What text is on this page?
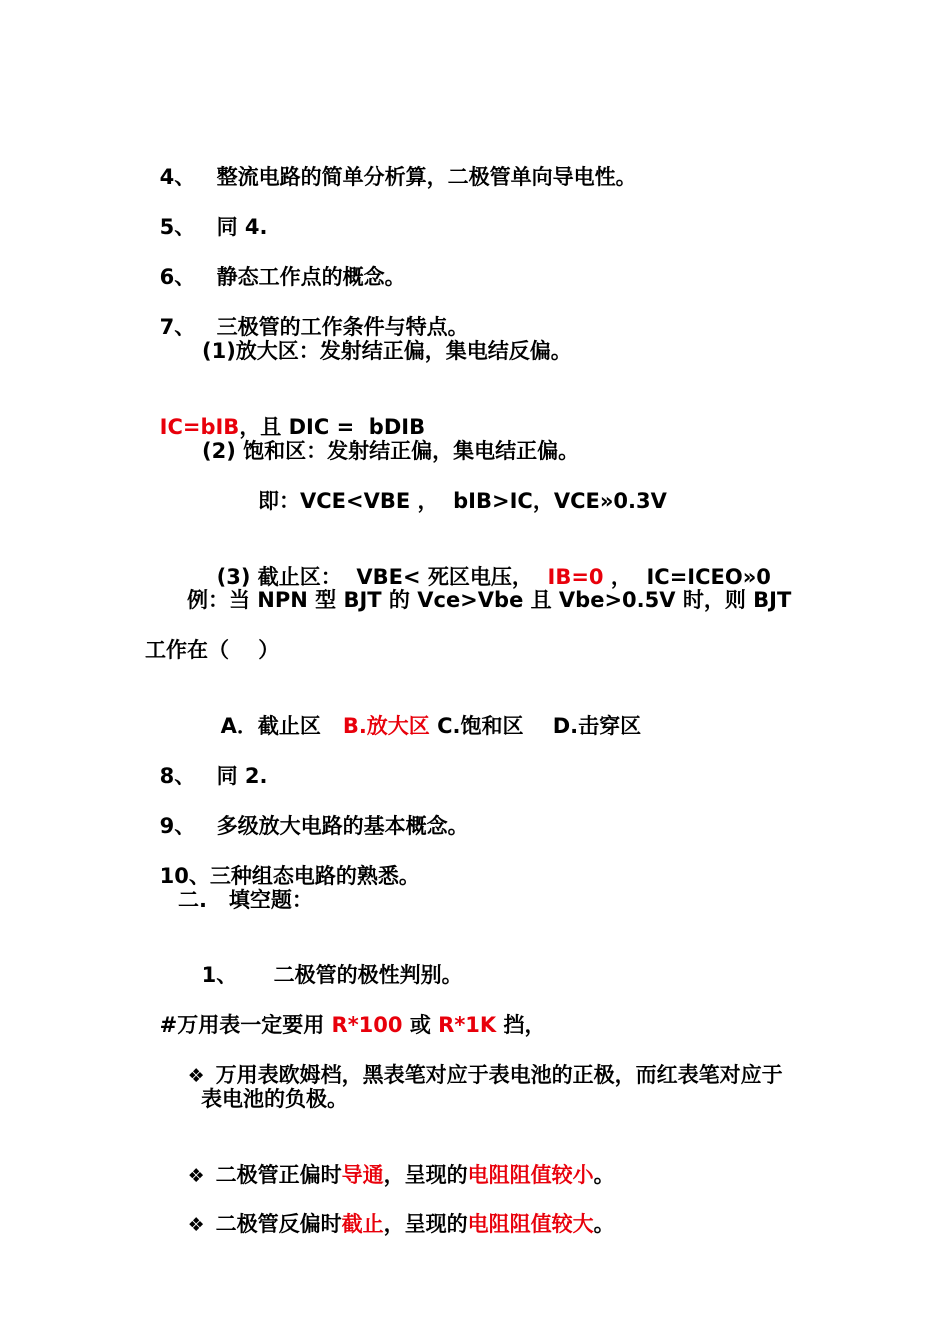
4、 整流电路的简单分析算，二极管单向导电性。

5、 同 4.

6、 静态工作点的概念。

7、 三极管的工作条件与特点。

(1)放大区：发射结正偏，集电结反偏。

IC=bIB，且 DIC =  bDIB

(2) 饱和区：发射结正偏，集电结正偏。
即：VCE<VBE ，  bIB>IC，VCE»0.3V

(3) 截止区：  VBE< 死区电压，  IB=0 ，  IC=ICEO»0

例：当 NPN 型 BJT 的 Vce>Vbe 且 Vbe>0.5V 时，则 BJT
工作在（    ）

A．截止区   B.放大区 C.饱和区    D.击穿区

8、 同 2.

9、 多级放大电路的基本概念。

10、三种组态电路的熟悉。

二.   填空题：

1、 二极管的极性判别。

#万用表一定要用 R*100 或 R*1K 挡，

❖ 万用表欧姆档，黑表笔对应于表电池的正极，而红表笔对应于

表电池的负极。

❖ 二极管正偏时导通，呈现的电阻阻值较小。

❖ 二极管反偏时截止，呈现的电阻阻值较大。
